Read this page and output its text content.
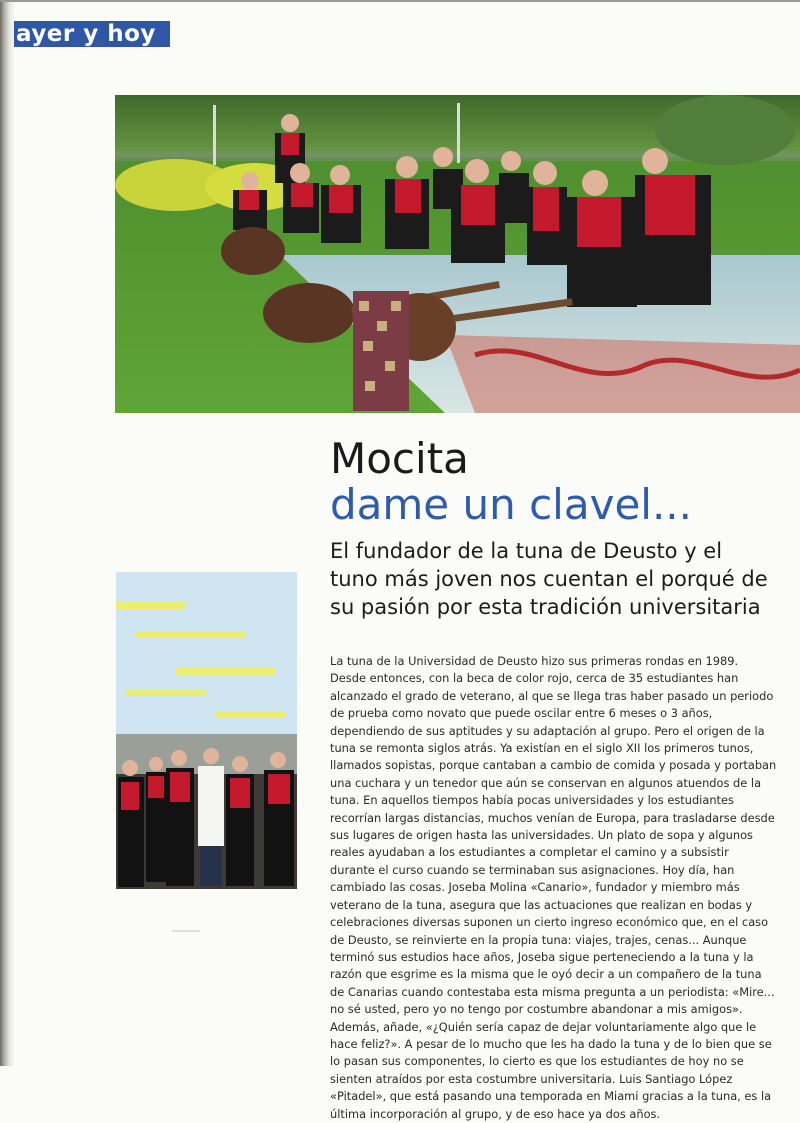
ayer y hoy
Mocita
dame un clavel...

El fundador de la tuna de Deusto y el tuno más joven nos cuentan el porqué de su pasión por esta tradición universitaria

La tuna de la Universidad de Deusto hizo sus primeras rondas en 1989. Desde entonces, con la beca de color rojo, cerca de 35 estudiantes han alcanzado el grado de veterano, al que se llega tras haber pasado un periodo de prueba como novato que puede oscilar entre 6 meses o 3 años, dependiendo de sus aptitudes y su adaptación al grupo. Pero el origen de la tuna se remonta siglos atrás. Ya existían en el siglo XII los primeros tunos, llamados sopistas, porque cantaban a cambio de comida y posada y portaban una cuchara y un tenedor que aún se conservan en algunos atuendos de la tuna. En aquellos tiempos había pocas universidades y los estudiantes recorrían largas distancias, muchos venían de Europa, para trasladarse desde sus lugares de origen hasta las universidades. Un plato de sopa y algunos reales ayudaban a los estudiantes a completar el camino y a subsistir durante el curso cuando se terminaban sus asignaciones. Hoy día, han cambiado las cosas. Joseba Molina «Canario», fundador y miembro más veterano de la tuna, asegura que las actuaciones que realizan en bodas y celebraciones diversas suponen un cierto ingreso económico que, en el caso de Deusto, se reinvierte en la propia tuna: viajes, trajes, cenas... Aunque terminó sus estudios hace años, Joseba sigue perteneciendo a la tuna y la razón que esgrime es la misma que le oyó decir a un compañero de la tuna de Canarias cuando contestaba esta misma pregunta a un periodista: «Mire... no sé usted, pero yo no tengo por costumbre abandonar a mis amigos». Además, añade, «¿Quién sería capaz de dejar voluntariamente algo que le hace feliz?». A pesar de lo mucho que les ha dado la tuna y de lo bien que se lo pasan sus componentes, lo cierto es que los estudiantes de hoy no se sienten atraídos por esta costumbre universitaria. Luis Santiago López «Pitadel», que está pasando una temporada en Miami gracias a la tuna, es la última incorporación al grupo, y de eso hace ya dos años.
